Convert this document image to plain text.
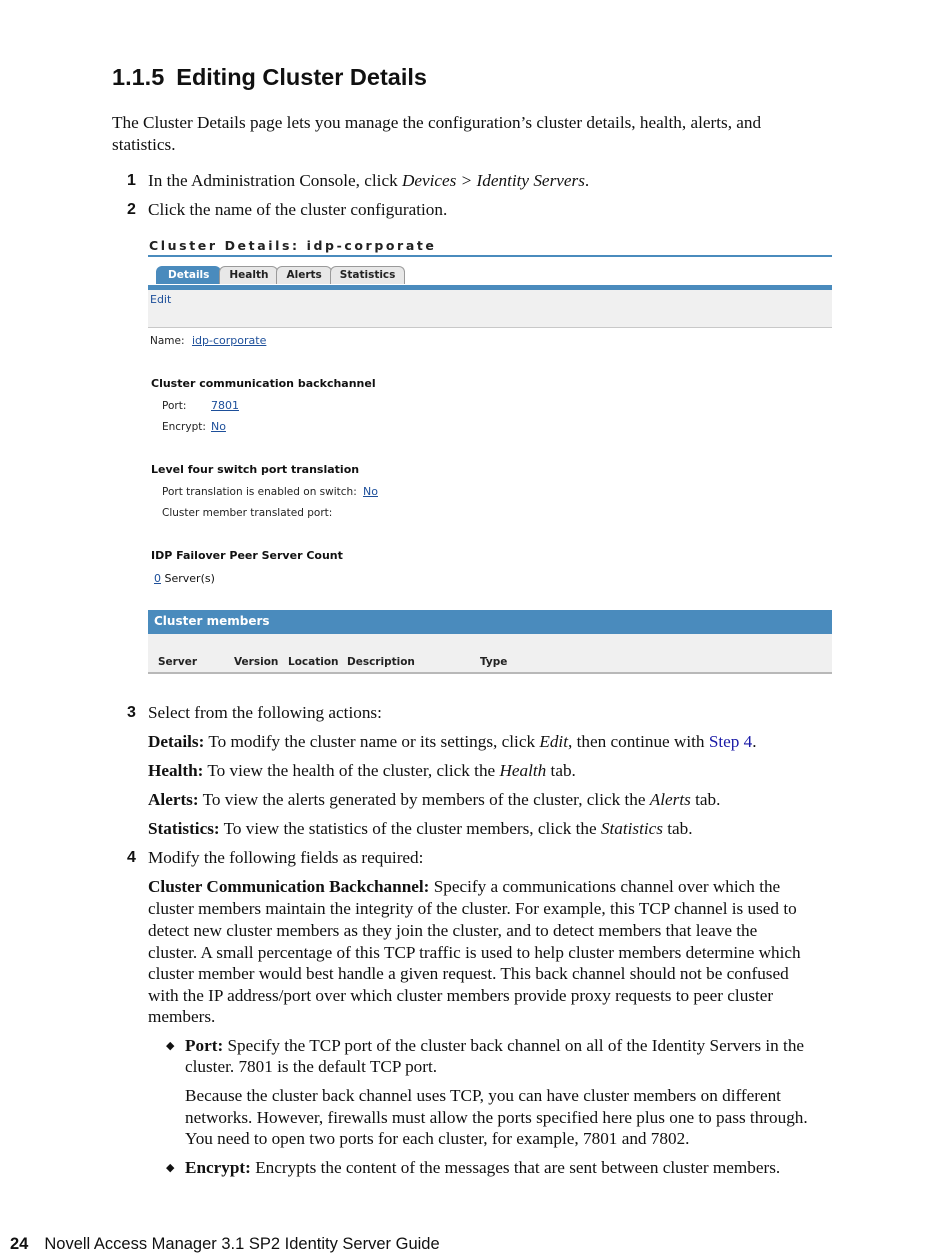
1.1.5 Editing Cluster Details
The Cluster Details page lets you manage the configuration’s cluster details, health, alerts, and
statistics.
1 In the Administration Console, click Devices > Identity Servers.
2 Click the name of the cluster configuration.
Cluster Details: idp-corporate
Details	Health	Alerts	Statistics
Edit
Name: idp-corporate
Cluster communication backchannel
Port: 7801
Encrypt: No
Level four switch port translation
Port translation is enabled on switch: No
Cluster member translated port:
IDP Failover Peer Server Count
0 Server(s)
Cluster members
Server	Version Location Description	Type
3 Select from the following actions:
Details: To modify the cluster name or its settings, click Edit, then continue with Step 4.
Health: To view the health of the cluster, click the Health tab.
Alerts: To view the alerts generated by members of the cluster, click the Alerts tab.
Statistics: To view the statistics of the cluster members, click the Statistics tab.
4 Modify the following fields as required:
Cluster Communication Backchannel: Specify a communications channel over which the
cluster members maintain the integrity of the cluster. For example, this TCP channel is used to
detect new cluster members as they join the cluster, and to detect members that leave the
cluster. A small percentage of this TCP traffic is used to help cluster members determine which
cluster member would best handle a given request. This back channel should not be confused
with the IP address/port over which cluster members provide proxy requests to peer cluster
members.
◆ Port: Specify the TCP port of the cluster back channel on all of the Identity Servers in the
cluster. 7801 is the default TCP port.
Because the cluster back channel uses TCP, you can have cluster members on different
networks. However, firewalls must allow the ports specified here plus one to pass through.
You need to open two ports for each cluster, for example, 7801 and 7802.
◆ Encrypt: Encrypts the content of the messages that are sent between cluster members.
24 Novell Access Manager 3.1 SP2 Identity Server Guide
